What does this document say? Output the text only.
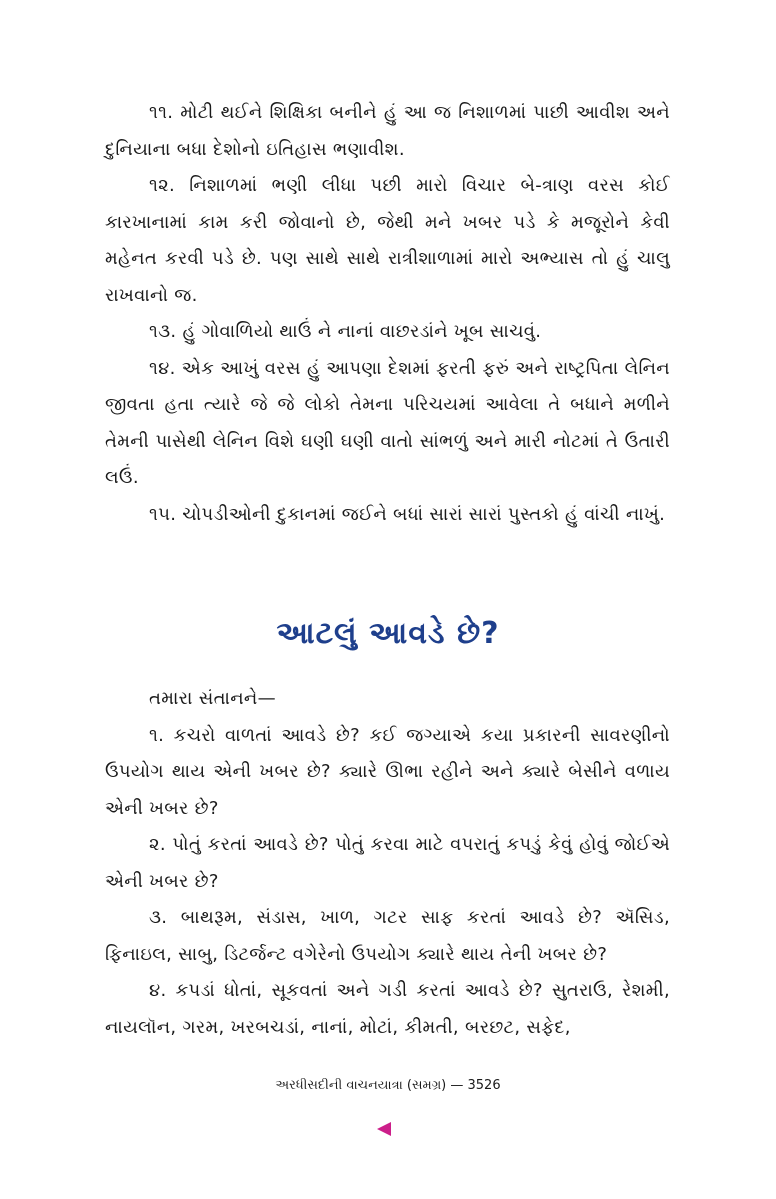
૧૧. મોટી થઈને શિક્ષિકા બનીને હું આ જ નિશાળમાં પાછી આવીશ અને દુનિયાના બધા દેશોનો ઇતિહાસ ભણાવીશ.

૧૨. નિશાળમાં ભણી લીધા પછી મારો વિચાર બે-ત્રાણ વરસ કોઈ કારખાનામાં કામ કરી જોવાનો છે, જેથી મને ખબર પડે કે મજૂરોને કેવી મહેનત કરવી પડે છે. પણ સાથે સાથે રાત્રીશાળામાં મારો અભ્યાસ તો હું ચાલુ રાખવાનો જ.

૧૩. હું ગોવાળિયો થાઉં ને નાનાં વાછરડાંને ખૂબ સાચવું.

૧૪. એક આખું વરસ હું આપણા દેશમાં ફરતી ફરું અને રાષ્ટ્રપિતા લેનિન જીવતા હતા ત્યારે જે જે લોકો તેમના પરિચયમાં આવેલા તે બધાને મળીને તેમની પાસેથી લેનિન વિશે ઘણી ઘણી વાતો સાંભળું અને મારી નોટમાં તે ઉતારી લઉં.

૧૫. ચોપડીઓની દુકાનમાં જઈને બધાં સારાં સારાં પુસ્તકો હું વાંચી નાખું.

આટલું આવડે છે?

તમારા સંતાનને—

૧. કચરો વાળતાં આવડે છે? કઈ જગ્યાએ કયા પ્રકારની સાવરણીનો ઉપયોગ થાય એની ખબર છે? ક્યારે ઊભા રહીને અને ક્યારે બેસીને વળાય એની ખબર છે?

૨. પોતું કરતાં આવડે છે? પોતું કરવા માટે વપરાતું કપડું કેવું હોવું જોઈએ એની ખબર છે?

૩. બાથરૂમ, સંડાસ, ખાળ, ગટર સાફ કરતાં આવડે છે? ઍસિડ, ફિનાઇલ, સાબુ, ડિટર્જન્ટ વગેરેનો ઉપયોગ ક્યારે થાય તેની ખબર છે?

૪. કપડાં ધોતાં, સૂકવતાં અને ગડી કરતાં આવડે છે? સુતરાઉ, રેશમી, નાયલૉન, ગરમ, ખરબચડાં, નાનાં, મોટાં, કીમતી, બરછટ, સફેદ,

અરધીસદીની વાચનયાત્રા (સમગ્ર) — 3526
